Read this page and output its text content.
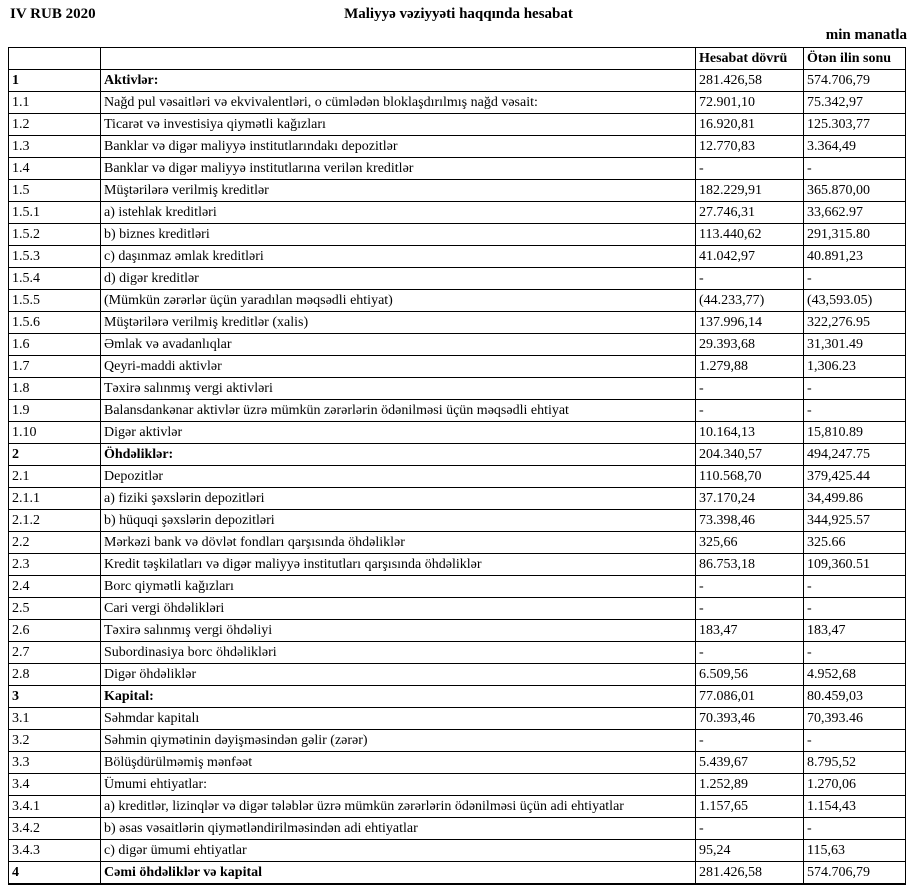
IV RUB 2020	Maliyyə vəziyyəti haqqında hesabat
min manatla
		Hesabat dövrü	Ötən ilin sonu
1	Aktivlər:	281.426,58	574.706,79
1.1	Nağd pul vəsaitləri və ekvivalentləri, o cümlədən bloklaşdırılmış nağd vəsait:	72.901,10	75.342,97
1.2	Ticarət və investisiya qiymətli kağızları	16.920,81	125.303,77
1.3	Banklar və digər maliyyə institutlarındakı depozitlər	12.770,83	3.364,49
1.4	Banklar və digər maliyyə institutlarına verilən kreditlər	-	-
1.5	Müştərilərə verilmiş kreditlər	182.229,91	365.870,00
1.5.1	a) istehlak kreditləri	27.746,31	33,662.97
1.5.2	b) biznes kreditləri	113.440,62	291,315.80
1.5.3	c) daşınmaz əmlak kreditləri	41.042,97	40.891,23
1.5.4	d) digər kreditlər	-	-
1.5.5	(Mümkün zərərlər üçün yaradılan məqsədli ehtiyat)	(44.233,77)	(43,593.05)
1.5.6	Müştərilərə verilmiş kreditlər (xalis)	137.996,14	322,276.95
1.6	Əmlak və avadanlıqlar	29.393,68	31,301.49
1.7	Qeyri-maddi aktivlər	1.279,88	1,306.23
1.8	Təxirə salınmış vergi aktivləri	-	-
1.9	Balansdankənar aktivlər üzrə mümkün zərərlərin ödənilməsi üçün məqsədli ehtiyat	-	-
1.10	Digər aktivlər	10.164,13	15,810.89
2	Öhdəliklər:	204.340,57	494,247.75
2.1	Depozitlər	110.568,70	379,425.44
2.1.1	a) fiziki şəxslərin depozitləri	37.170,24	34,499.86
2.1.2	b) hüquqi şəxslərin depozitləri	73.398,46	344,925.57
2.2	Mərkəzi bank və dövlət fondları qarşısında öhdəliklər	325,66	325.66
2.3	Kredit təşkilatları və digər maliyyə institutları qarşısında öhdəliklər	86.753,18	109,360.51
2.4	Borc qiymətli kağızları	-	-
2.5	Cari vergi öhdəlikləri	-	-
2.6	Təxirə salınmış vergi öhdəliyi	183,47	183,47
2.7	Subordinasiya borc öhdəlikləri	-	-
2.8	Digər öhdəliklər	6.509,56	4.952,68
3	Kapital:	77.086,01	80.459,03
3.1	Səhmdar kapitalı	70.393,46	70,393.46
3.2	Səhmin qiymətinin dəyişməsindən gəlir (zərər)	-	-
3.3	Bölüşdürülməmiş mənfəət	5.439,67	8.795,52
3.4	Ümumi ehtiyatlar:	1.252,89	1.270,06
3.4.1	a) kreditlər, lizinqlər və digər tələblər üzrə mümkün zərərlərin ödənilməsi üçün adi ehtiyatlar	1.157,65	1.154,43
3.4.2	b) əsas vəsaitlərin qiymətləndirilməsindən adi ehtiyatlar	-	-
3.4.3	c) digər ümumi ehtiyatlar	95,24	115,63
4	Cəmi öhdəliklər və kapital	281.426,58	574.706,79
